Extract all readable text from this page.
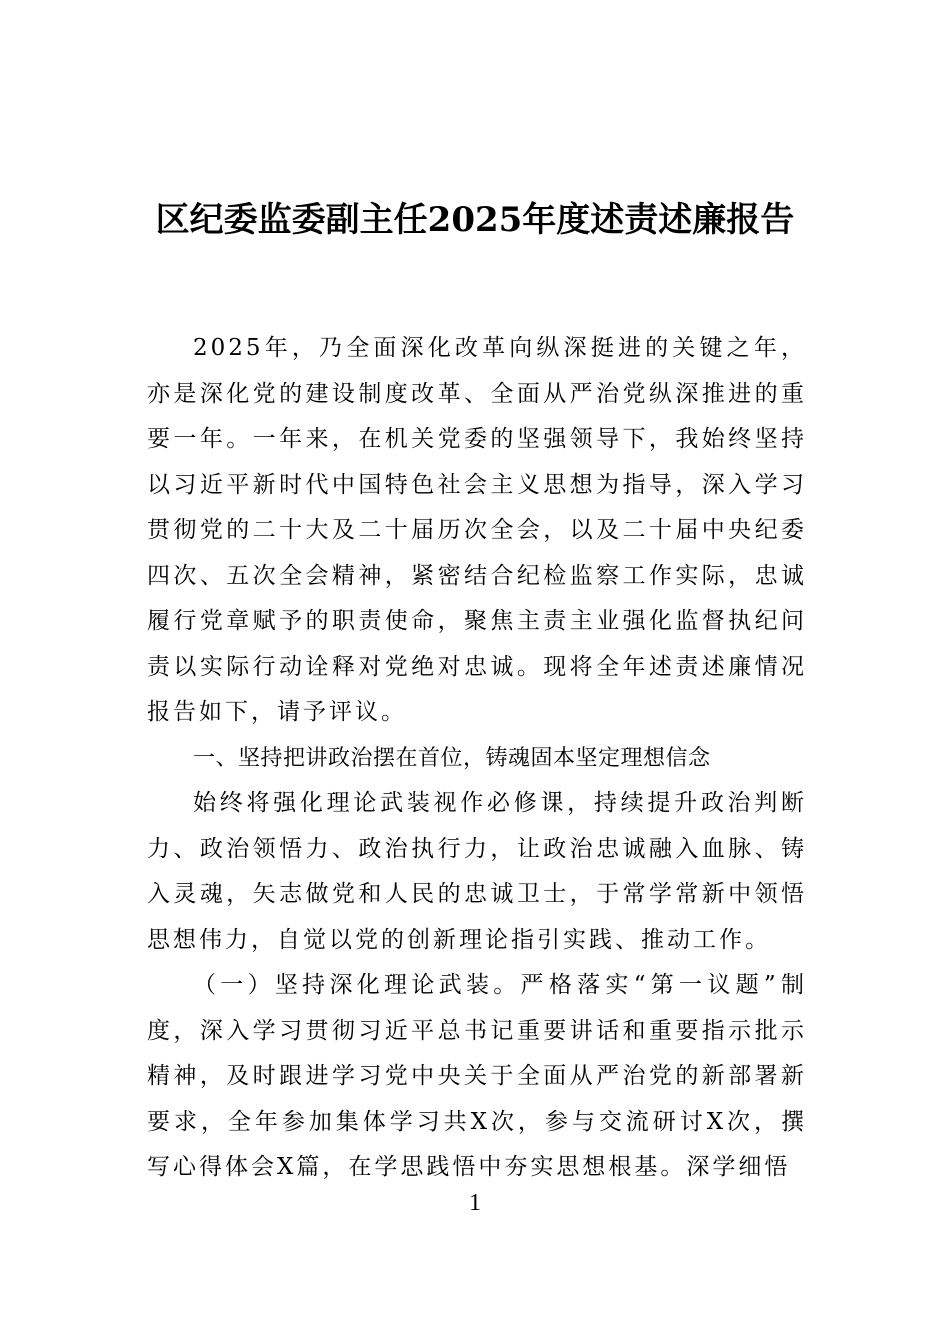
区纪委监委副主任2025年度述责述廉报告

2025年，乃全面深化改革向纵深挺进的关键之年，亦是深化党的建设制度改革、全面从严治党纵深推进的重要一年。一年来，在机关党委的坚强领导下，我始终坚持以习近平新时代中国特色社会主义思想为指导，深入学习贯彻党的二十大及二十届历次全会，以及二十届中央纪委四次、五次全会精神，紧密结合纪检监察工作实际，忠诚履行党章赋予的职责使命，聚焦主责主业强化监督执纪问责以实际行动诠释对党绝对忠诚。现将全年述责述廉情况报告如下，请予评议。

一、坚持把讲政治摆在首位，铸魂固本坚定理想信念

始终将强化理论武装视作必修课，持续提升政治判断力、政治领悟力、政治执行力，让政治忠诚融入血脉、铸入灵魂，矢志做党和人民的忠诚卫士，于常学常新中领悟思想伟力，自觉以党的创新理论指引实践、推动工作。

（一）坚持深化理论武装。严格落实“第一议题”制度，深入学习贯彻习近平总书记重要讲话和重要指示批示精神，及时跟进学习党中央关于全面从严治党的新部署新要求，全年参加集体学习共X次，参与交流研讨X次，撰写心得体会X篇，在学思践悟中夯实思想根基。深学细悟

1
